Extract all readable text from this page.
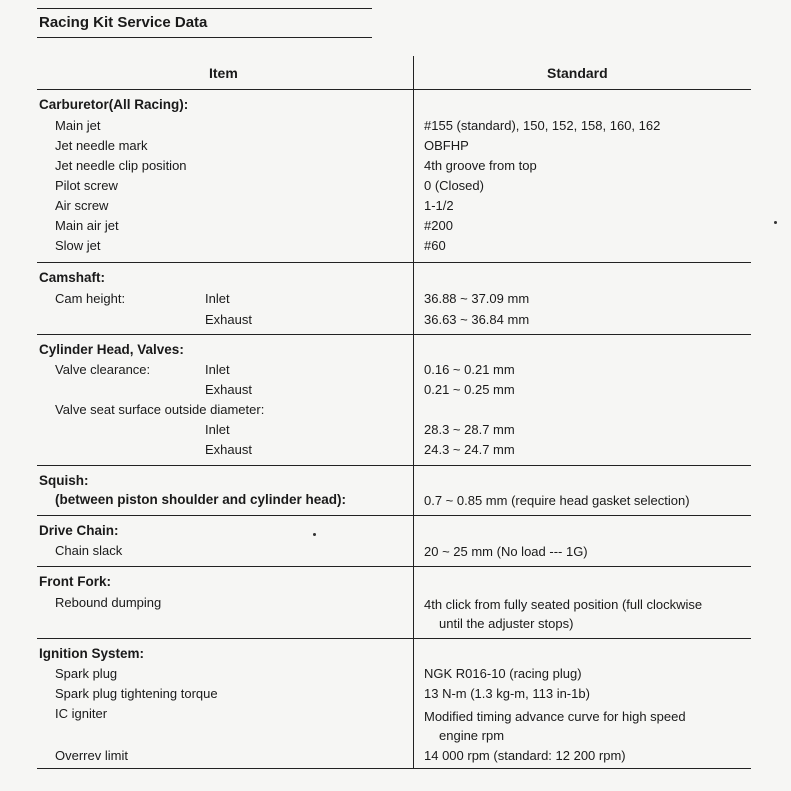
Racing Kit Service Data
Item	Standard
Carburetor(All Racing):
Main jet	#155 (standard), 150, 152, 158, 160, 162
Jet needle mark	OBFHP
Jet needle clip position	4th groove from top
Pilot screw	0 (Closed)
Air screw	1-1/2
Main air jet	#200
Slow jet	#60
Camshaft:
Cam height:	Inlet	36.88 ~ 37.09 mm
Exhaust	36.63 ~ 36.84 mm
Cylinder Head, Valves:
Valve clearance:	Inlet	0.16 ~ 0.21 mm
Exhaust	0.21 ~ 0.25 mm
Valve seat surface outside diameter:
Inlet	28.3 ~ 28.7 mm
Exhaust	24.3 ~ 24.7 mm
Squish:
(between piston shoulder and cylinder head):	0.7 ~ 0.85 mm (require head gasket selection)
Drive Chain:
Chain slack	20 ~ 25 mm (No load --- 1G)
Front Fork:
Rebound dumping	4th click from fully seated position (full clockwise
until the adjuster stops)
Ignition System:
Spark plug	NGK R016-10 (racing plug)
Spark plug tightening torque	13 N-m (1.3 kg-m, 113 in-1b)
IC igniter	Modified timing advance curve for high speed
engine rpm
Overrev limit	14 000 rpm (standard: 12 200 rpm)
